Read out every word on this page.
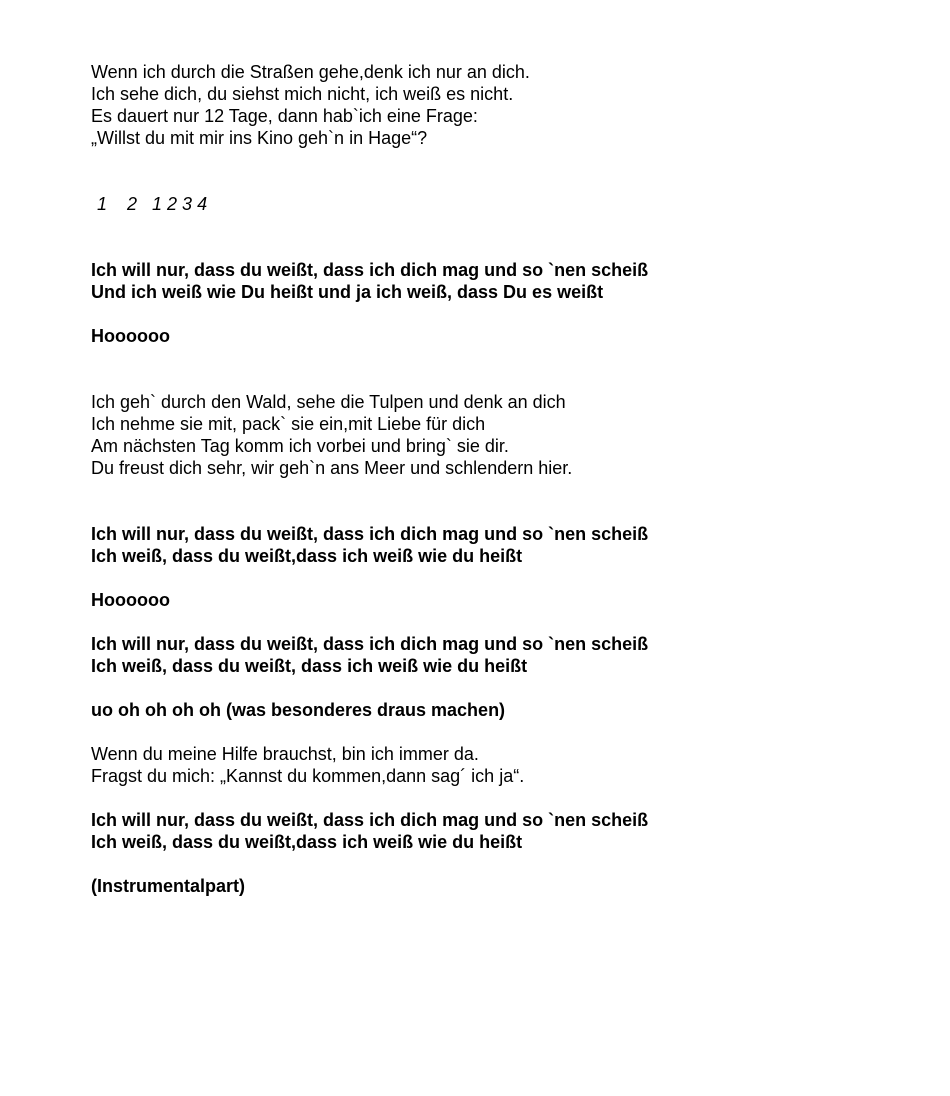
Wenn ich durch die Straßen gehe,denk ich nur an dich.
Ich sehe dich, du siehst mich nicht, ich weiß es nicht.
Es dauert nur 12 Tage, dann hab`ich eine Frage:
„Willst du mit mir ins Kino geh`n in Hage“?
1    2   1 2 3 4
Ich will nur, dass du weißt, dass ich dich mag und so `nen scheiß
Und ich weiß wie Du heißt und ja ich weiß, dass Du es weißt
Hoooooo
Ich geh` durch den Wald, sehe die Tulpen und denk an dich
Ich nehme sie mit, pack` sie ein,mit Liebe für dich
Am nächsten Tag komm ich vorbei und bring` sie dir.
Du freust dich sehr, wir geh`n ans Meer und schlendern hier.
Ich will nur, dass du weißt, dass ich dich mag und so `nen scheiß
Ich weiß, dass du weißt,dass ich weiß wie du heißt
Hoooooo
Ich will nur, dass du weißt, dass ich dich mag und so `nen scheiß
Ich weiß, dass du weißt, dass ich weiß wie du heißt
uo oh oh oh oh (was besonderes draus machen)
Wenn du meine Hilfe brauchst, bin ich immer da.
Fragst du mich: „Kannst du kommen,dann sag´ ich ja“.
Ich will nur, dass du weißt, dass ich dich mag und so `nen scheiß
Ich weiß, dass du weißt,dass ich weiß wie du heißt
(Instrumentalpart)
